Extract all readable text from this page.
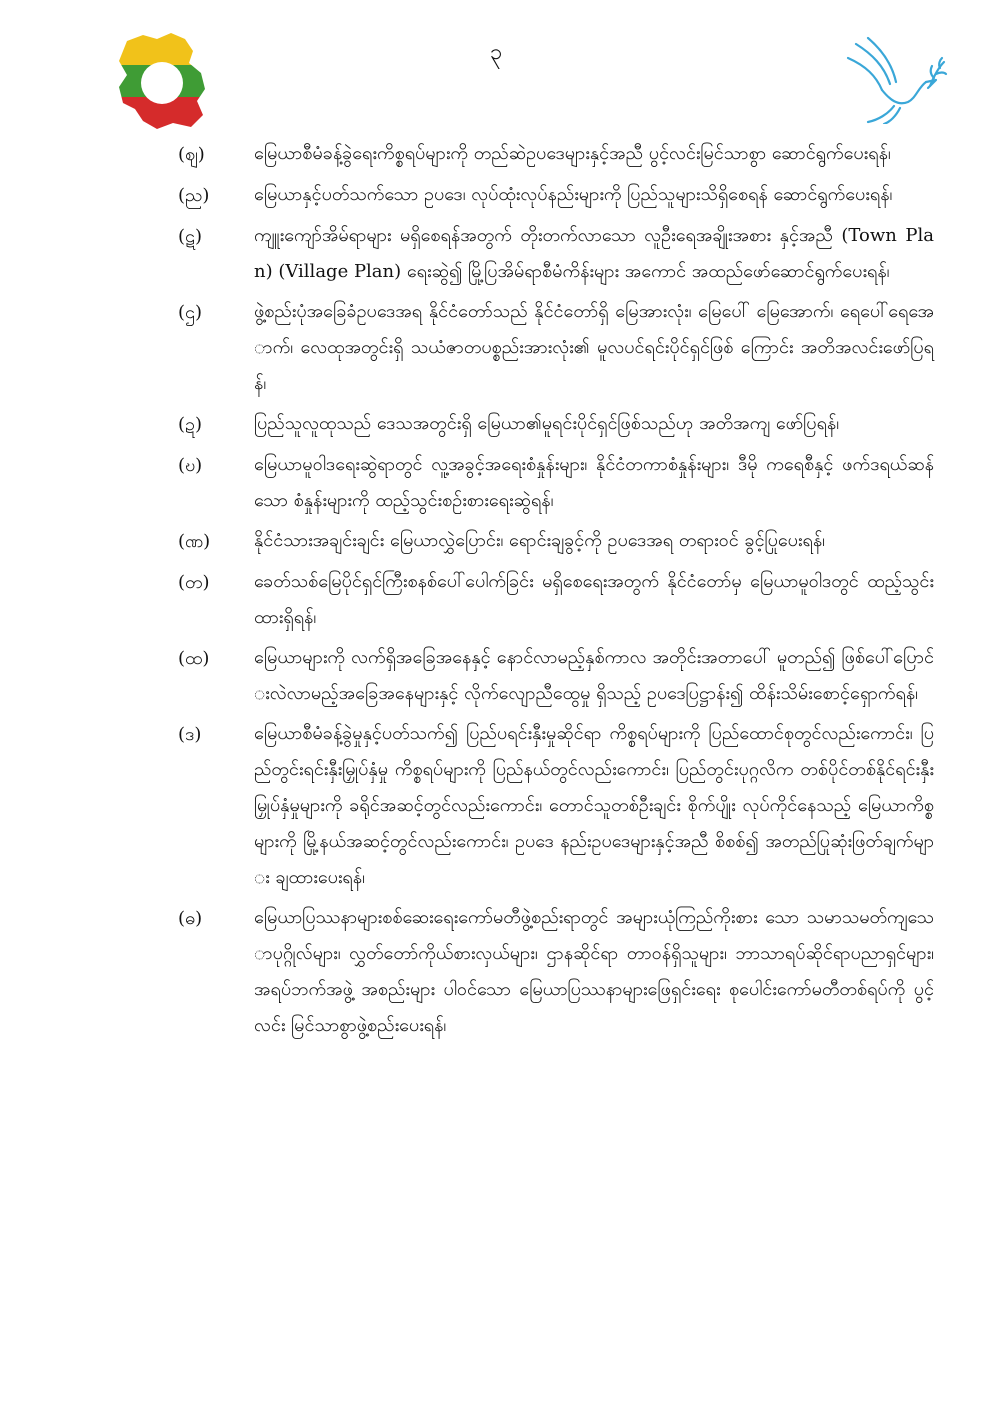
၃
(ဈ)	မြေယာစီမံခန့်ခွဲရေးကိစ္စရပ်များကို တည်ဆဲဥပဒေများနှင့်အညီ ပွင့်လင်းမြင်သာစွာ ဆောင်ရွက်ပေးရန်၊
(ည)	မြေယာနှင့်ပတ်သက်သော ဥပဒေ၊ လုပ်ထုံးလုပ်နည်းများကို ပြည်သူများသိရှိစေရန် ဆောင်ရွက်ပေးရန်၊
(ဋ)	ကျူးကျော်အိမ်ရာများ မရှိစေရန်အတွက် တိုးတက်လာသော လူဦးရေအချိုးအစား နှင့်အညီ (Town Plan) (Village Plan) ရေးဆွဲ၍ မြို့ပြအိမ်ရာစီမံကိန်းများ အကောင် အထည်ဖော်ဆောင်ရွက်ပေးရန်၊
(ဌ)	ဖွဲ့စည်းပုံအခြေခံဥပဒေအရ နိုင်ငံတော်သည် နိုင်ငံတော်ရှိ မြေအားလုံး၊ မြေပေါ် မြေအောက်၊ ရေပေါ်ရေအောက်၊ လေထုအတွင်းရှိ သယံဇာတပစ္စည်းအားလုံး၏ မူလပင်ရင်းပိုင်ရှင်ဖြစ် ကြောင်း အတိအလင်းဖော်ပြရန်၊
(ဍ)	ပြည်သူလူထုသည် ဒေသအတွင်းရှိ မြေယာ၏မူရင်းပိုင်ရှင်ဖြစ်သည်ဟု အတိအကျ ဖော်ပြရန်၊
(ဎ)	မြေယာမူဝါဒရေးဆွဲရာတွင် လူ့အခွင့်အရေးစံနှုန်းများ၊ နိုင်ငံတကာစံနှုန်းများ၊ ဒီမို ကရေစီနှင့် ဖက်ဒရယ်ဆန်သော စံနှုန်းများကို ထည့်သွင်းစဉ်းစားရေးဆွဲရန်၊
(ဏ)	နိုင်ငံသားအချင်းချင်း မြေယာလွှဲပြောင်း၊ ရောင်းချခွင့်ကို ဥပဒေအရ တရားဝင် ခွင့်ပြုပေးရန်၊
(တ)	ခေတ်သစ်မြေပိုင်ရှင်ကြီးစနစ်ပေါ်ပေါက်ခြင်း မရှိစေရေးအတွက် နိုင်ငံတော်မှ မြေယာမူဝါဒတွင် ထည့်သွင်းထားရှိရန်၊
(ထ)	မြေယာများကို လက်ရှိအခြေအနေနှင့် နောင်လာမည့်နှစ်ကာလ အတိုင်းအတာပေါ် မူတည်၍ ဖြစ်ပေါ်ပြောင်းလဲလာမည့်အခြေအနေများနှင့် လိုက်လျောညီထွေမှု ရှိသည့် ဥပဒေပြဋ္ဌာန်း၍ ထိန်းသိမ်းစောင့်ရှောက်ရန်၊
(ဒ)	မြေယာစီမံခန့်ခွဲမှုနှင့်ပတ်သက်၍ ပြည်ပရင်းနှီးမှုဆိုင်ရာ ကိစ္စရပ်များကို ပြည်ထောင်စုတွင်လည်းကောင်း၊ ပြည်တွင်းရင်းနှီးမြှုပ်နှံမှု ကိစ္စရပ်များကို ပြည်နယ်တွင်လည်းကောင်း၊ ပြည်တွင်းပုဂ္ဂလိက တစ်ပိုင်တစ်နိုင်ရင်းနှီး မြှုပ်နှံမှုများကို ခရိုင်အဆင့်တွင်လည်းကောင်း၊ တောင်သူတစ်ဦးချင်း စိုက်ပျိုး လုပ်ကိုင်နေသည့် မြေယာကိစ္စများကို မြို့နယ်အဆင့်တွင်လည်းကောင်း၊ ဥပဒေ နည်းဥပဒေများနှင့်အညီ စိစစ်၍ အတည်ပြုဆုံးဖြတ်ချက်များ ချထားပေးရန်၊
(ဓ)	မြေယာပြဿနာများစစ်ဆေးရေးကော်မတီဖွဲ့စည်းရာတွင် အများယုံကြည်ကိုးစား သော သမာသမတ်ကျသောပုဂ္ဂိုလ်များ၊ လွှတ်တော်ကိုယ်စားလှယ်များ၊ ဌာနဆိုင်ရာ တာဝန်ရှိသူများ၊ ဘာသာရပ်ဆိုင်ရာပညာရှင်များ၊ အရပ်ဘက်အဖွဲ့ အစည်းများ ပါဝင်သော မြေယာပြဿနာများဖြေရှင်းရေး စုပေါင်းကော်မတီတစ်ရပ်ကို ပွင့်လင်း မြင်သာစွာဖွဲ့စည်းပေးရန်၊
